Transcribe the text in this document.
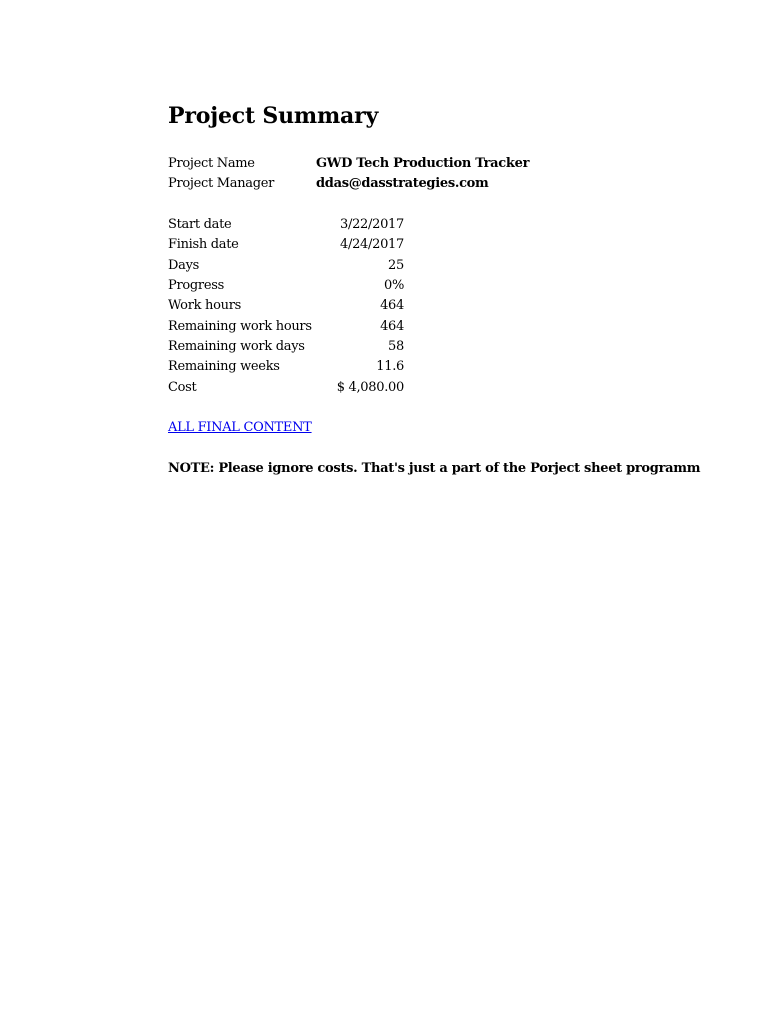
Project Summary
Project Name	GWD Tech Production Tracker
Project Manager	ddas@dasstrategies.com
Start date	3/22/2017
Finish date	4/24/2017
Days	25
Progress	0%
Work hours	464
Remaining work hours	464
Remaining work days	58
Remaining weeks	11.6
Cost	$ 4,080.00
ALL FINAL CONTENT
NOTE: Please ignore costs. That's just a part of the Porject sheet programm
